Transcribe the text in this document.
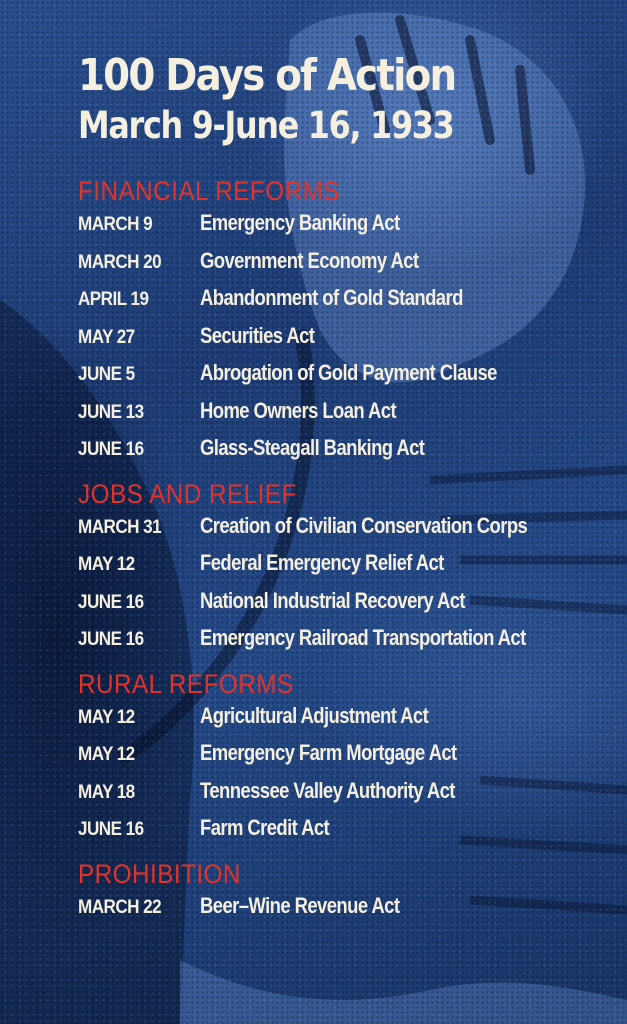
100 Days of Action
March 9-June 16, 1933
FINANCIAL REFORMS
MARCH 9	Emergency Banking Act
MARCH 20	Government Economy Act
APRIL 19	Abandonment of Gold Standard
MAY 27	Securities Act
JUNE 5	Abrogation of Gold Payment Clause
JUNE 13	Home Owners Loan Act
JUNE 16	Glass-Steagall Banking Act
JOBS AND RELIEF
MARCH 31	Creation of Civilian Conservation Corps
MAY 12	Federal Emergency Relief Act
JUNE 16	National Industrial Recovery Act
JUNE 16	Emergency Railroad Transportation Act
RURAL REFORMS
MAY 12	Agricultural Adjustment Act
MAY 12	Emergency Farm Mortgage Act
MAY 18	Tennessee Valley Authority Act
JUNE 16	Farm Credit Act
PROHIBITION
MARCH 22	Beer–Wine Revenue Act
